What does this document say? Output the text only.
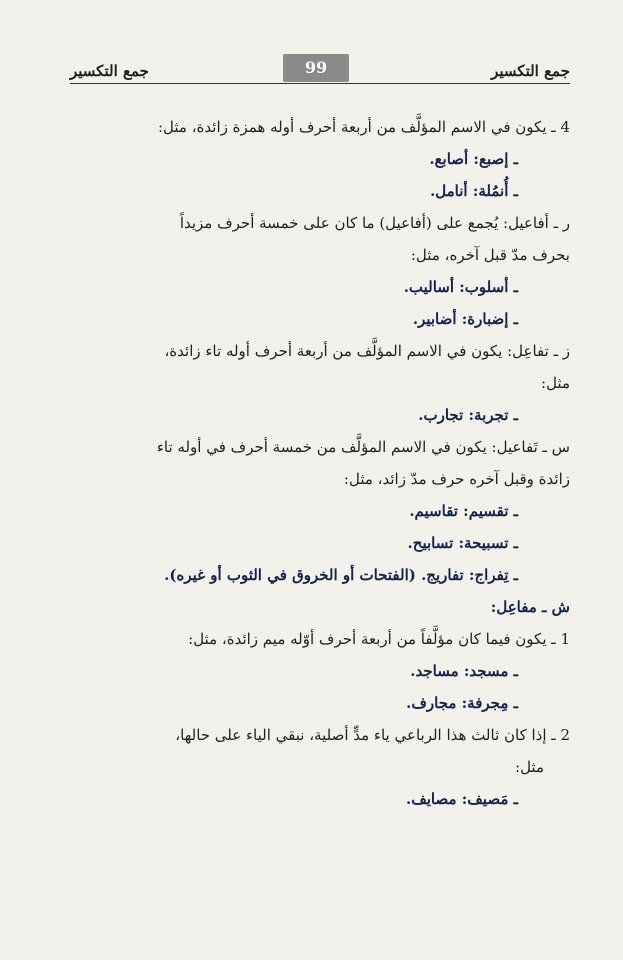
جمع التكسير
99
جمع التكسير
4 ـ يكون في الاسم المؤلَّف من أربعة أحرف أوله همزة زائدة، مثل:
ـ إصبع: أصابع.
ـ أُنمُلة: أنامل.
ر ـ أفاعيل: يُجمع على (أفاعيل) ما كان على خمسة أحرف مزيداً
بحرف مدّ قبل آخره، مثل:
ـ أسلوب: أساليب.
ـ إضبارة: أضابير.
ز ـ تفاعِل: يكون في الاسم المؤلَّف من أربعة أحرف أوله تاء زائدة،
مثل:
ـ تجربة: تجارب.
س ـ تَفاعيل: يكون في الاسم المؤلَّف من خمسة أحرف في أوله تاء
زائدة وقبل آخره حرف مدّ زائد، مثل:
ـ تقسيم: تقاسيم.
ـ تسبيحة: تسابيح.
ـ تِفراج: تفاريج. (الفتحات أو الخروق في الثوب أو غيره).
ش ـ مفاعِل:
1 ـ يكون فيما كان مؤلَّفاً من أربعة أحرف أوّله ميم زائدة، مثل:
ـ مسجد: مساجد.
ـ مِجرفة: مجارف.
2 ـ إذا كان ثالث هذا الرباعي ياء مدٍّ أصلية، نبقي الياء على حالها،
مثل:
ـ مَصيف: مصايف.
